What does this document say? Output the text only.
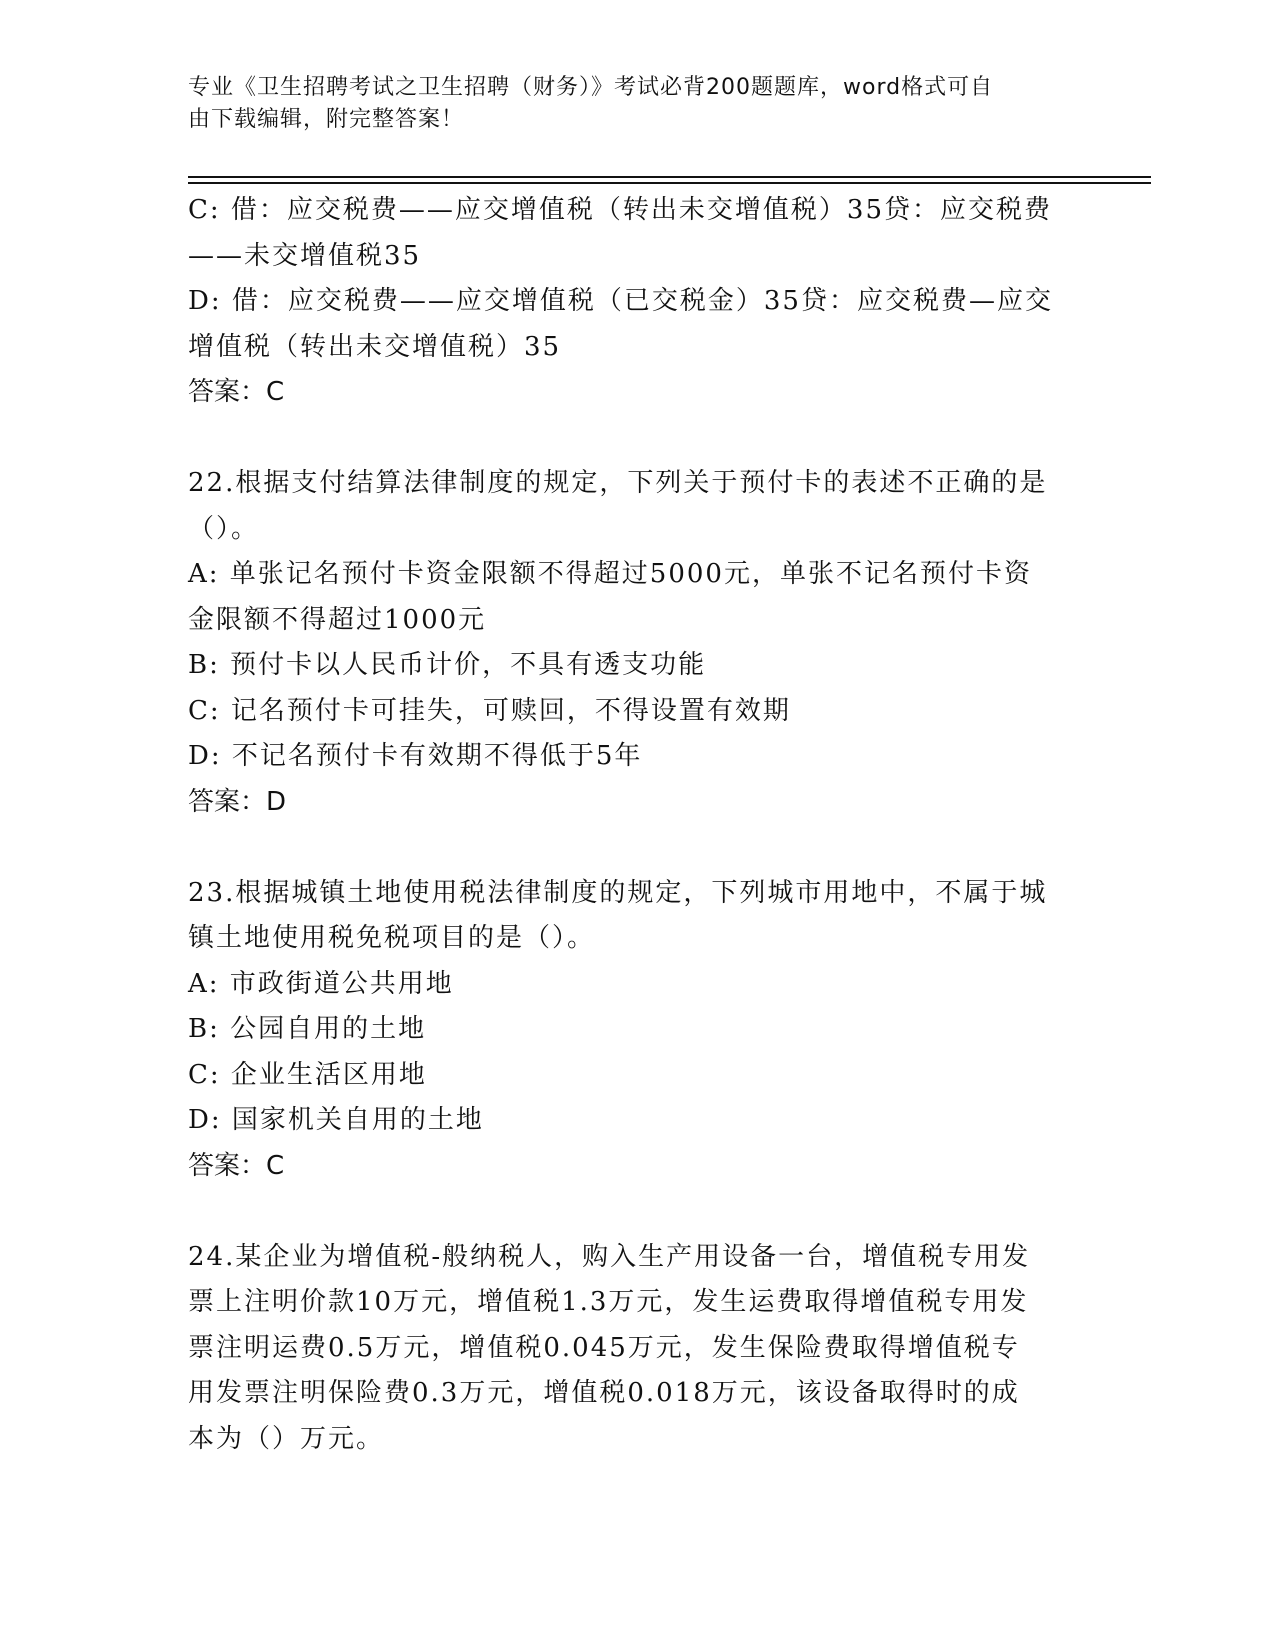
专业《卫生招聘考试之卫生招聘（财务）》考试必背200题题库，word格式可自
由下载编辑，附完整答案！
C: 借：应交税费——应交增值税（转出未交增值税）35贷：应交税费
——未交增值税35
D: 借：应交税费——应交增值税（已交税金）35贷：应交税费—应交
增值税（转出未交增值税）35
答案：C
22.根据支付结算法律制度的规定，下列关于预付卡的表述不正确的是
（）。
A: 单张记名预付卡资金限额不得超过5000元，单张不记名预付卡资
金限额不得超过1000元
B: 预付卡以人民币计价，不具有透支功能
C: 记名预付卡可挂失，可赎回，不得设置有效期
D: 不记名预付卡有效期不得低于5年
答案：D
23.根据城镇土地使用税法律制度的规定，下列城市用地中，不属于城
镇土地使用税免税项目的是（）。
A: 市政街道公共用地
B: 公园自用的土地
C: 企业生活区用地
D: 国家机关自用的土地
答案：C
24.某企业为增值税-般纳税人，购入生产用设备一台，增值税专用发
票上注明价款10万元，增值税1.3万元，发生运费取得增值税专用发
票注明运费0.5万元，增值税0.045万元，发生保险费取得增值税专
用发票注明保险费0.3万元，增值税0.018万元，该设备取得时的成
本为（）万元。
